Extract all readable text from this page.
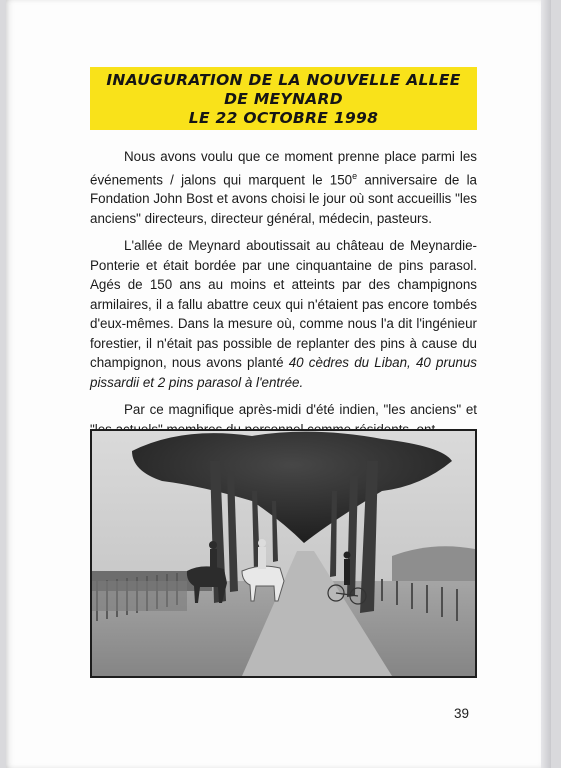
INAUGURATION DE LA NOUVELLE ALLEE
DE MEYNARD
LE 22 OCTOBRE 1998

Nous avons voulu que ce moment prenne place parmi les événements / jalons qui marquent le 150e anniversaire de la Fondation John Bost et avons choisi le jour où sont accueillis "les anciens" directeurs, directeur général, médecin, pasteurs.

L'allée de Meynard aboutissait au château de Meynardie-Ponterie et était bordée par une cinquantaine de pins parasol. Agés de 150 ans au moins et atteints par des champignons armilaires, il a fallu abattre ceux qui n'étaient pas encore tombés d'eux-mêmes. Dans la mesure où, comme nous l'a dit l'ingénieur forestier, il n'était pas possible de replanter des pins à cause du champignon, nous avons planté 40 cèdres du Liban, 40 prunus pissardii et 2 pins parasol à l'entrée.

Par ce magnifique après-midi d'été indien, "les anciens" et

39
